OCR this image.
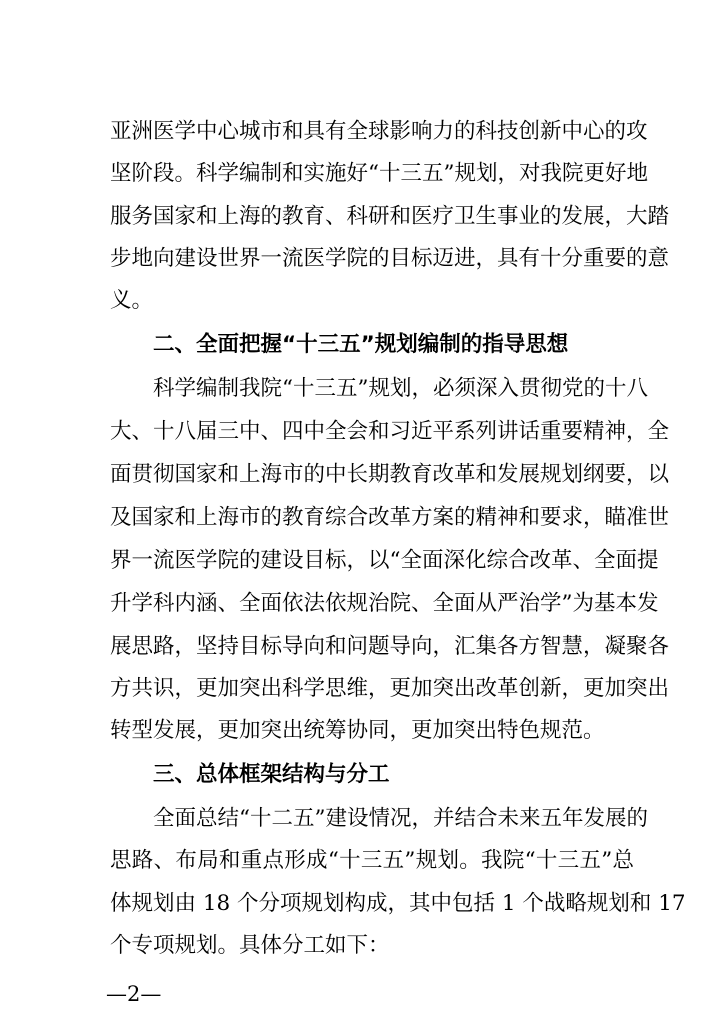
亚洲医学中心城市和具有全球影响力的科技创新中心的攻
坚阶段。科学编制和实施好“十三五”规划，对我院更好地
服务国家和上海的教育、科研和医疗卫生事业的发展，大踏
步地向建设世界一流医学院的目标迈进，具有十分重要的意
义。
二、全面把握“十三五”规划编制的指导思想
科学编制我院“十三五”规划，必须深入贯彻党的十八
大、十八届三中、四中全会和习近平系列讲话重要精神，全
面贯彻国家和上海市的中长期教育改革和发展规划纲要，以
及国家和上海市的教育综合改革方案的精神和要求，瞄准世
界一流医学院的建设目标，以“全面深化综合改革、全面提
升学科内涵、全面依法依规治院、全面从严治学”为基本发
展思路，坚持目标导向和问题导向，汇集各方智慧，凝聚各
方共识，更加突出科学思维，更加突出改革创新，更加突出
转型发展，更加突出统筹协同，更加突出特色规范。
三、总体框架结构与分工
全面总结“十二五”建设情况，并结合未来五年发展的
思路、布局和重点形成“十三五”规划。我院“十三五”总
体规划由 18 个分项规划构成，其中包括 1 个战略规划和 17
个专项规划。具体分工如下：
—2—
